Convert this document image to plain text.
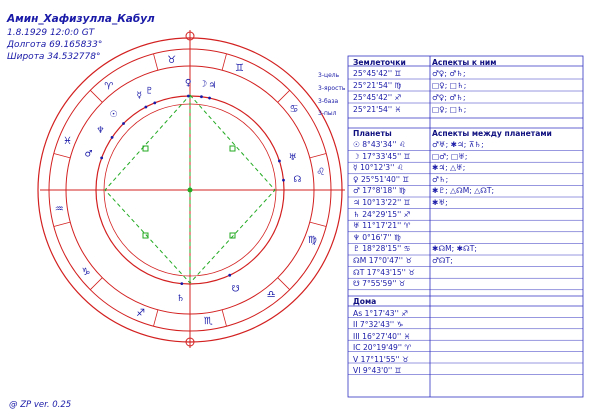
Амин_Хафизулла_Кабул
1.8.1929 12:0:0 GT
Долгота 69.165833°
Широта 34.532778°
♊
♉
♈
♓
♒
♑
♐
♏
♎
♍
♌
♋
♀ ☽ ♃
☿ ♇
♂
♆
☉
☊
♅
♄
☋
3-цель
3-ярость
3-база
3-пыл
Землеточки	Аспекты к ним
25°45'42'' ♊	♂♀; ♂♄;
25°21'54'' ♍	□♀; □♄;
25°45'42'' ♐	♂♀; ♂♄;
25°21'54'' ♓	□♀; □♄;
Планеты	Аспекты между планетами
☉ 8°43'34'' ♌	♂♅; ✱♃; ⊼♄;
☽ 17°33'45'' ♊	□♂; □♅;
☿ 10°12'3'' ♌	✱♃; △♅;
♀ 25°51'40'' ♊	♂♄;
♂ 17°8'18'' ♍	✱♇; △☊M; △☊T;
♃ 10°13'22'' ♊	✱♅;
♄ 24°29'15'' ♐
♅ 11°17'21'' ♈
♆ 0°16'7'' ♍
♇ 18°28'15'' ♋	✱☊M; ✱☊T;
☊M 17°0'47'' ♉	♂☊T;
☊T 17°43'15'' ♉
☋ 7°55'59'' ♉
Дома
As 1°17'43'' ♐
II 7°32'43'' ♑
III 16°27'40'' ♓
IC 20°19'49'' ♈
V 17°11'55'' ♉
VI 9°43'0'' ♊
@ ZP ver. 0.25
